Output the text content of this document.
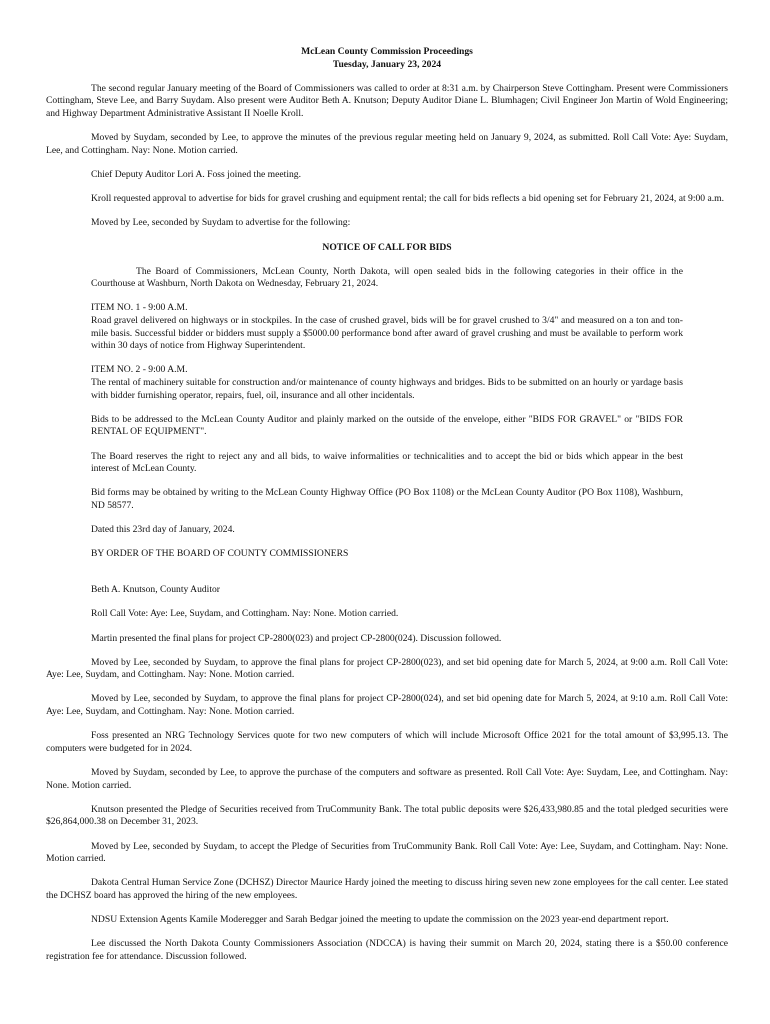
McLean County Commission Proceedings
Tuesday, January 23, 2024

The second regular January meeting of the Board of Commissioners was called to order at 8:31 a.m. by Chairperson Steve Cottingham. Present were Commissioners Cottingham, Steve Lee, and Barry Suydam. Also present were Auditor Beth A. Knutson; Deputy Auditor Diane L. Blumhagen; Civil Engineer Jon Martin of Wold Engineering; and Highway Department Administrative Assistant II Noelle Kroll.

Moved by Suydam, seconded by Lee, to approve the minutes of the previous regular meeting held on January 9, 2024, as submitted. Roll Call Vote: Aye: Suydam, Lee, and Cottingham. Nay: None. Motion carried.

Chief Deputy Auditor Lori A. Foss joined the meeting.

Kroll requested approval to advertise for bids for gravel crushing and equipment rental; the call for bids reflects a bid opening set for February 21, 2024, at 9:00 a.m.

Moved by Lee, seconded by Suydam to advertise for the following:

NOTICE OF CALL FOR BIDS

The Board of Commissioners, McLean County, North Dakota, will open sealed bids in the following categories in their office in the Courthouse at Washburn, North Dakota on Wednesday, February 21, 2024.

ITEM NO. 1 - 9:00 A.M.

Road gravel delivered on highways or in stockpiles. In the case of crushed gravel, bids will be for gravel crushed to 3/4" and measured on a ton and ton-mile basis. Successful bidder or bidders must supply a $5000.00 performance bond after award of gravel crushing and must be available to perform work within 30 days of notice from Highway Superintendent.

ITEM NO. 2 - 9:00 A.M.

The rental of machinery suitable for construction and/or maintenance of county highways and bridges. Bids to be submitted on an hourly or yardage basis with bidder furnishing operator, repairs, fuel, oil, insurance and all other incidentals.

Bids to be addressed to the McLean County Auditor and plainly marked on the outside of the envelope, either "BIDS FOR GRAVEL" or "BIDS FOR RENTAL OF EQUIPMENT".

The Board reserves the right to reject any and all bids, to waive informalities or technicalities and to accept the bid or bids which appear in the best interest of McLean County.

Bid forms may be obtained by writing to the McLean County Highway Office (PO Box 1108) or the McLean County Auditor (PO Box 1108), Washburn, ND 58577.

Dated this 23rd day of January, 2024.

BY ORDER OF THE BOARD OF COUNTY COMMISSIONERS

Beth A. Knutson, County Auditor

Roll Call Vote: Aye: Lee, Suydam, and Cottingham. Nay: None. Motion carried.

Martin presented the final plans for project CP-2800(023) and project CP-2800(024). Discussion followed.

Moved by Lee, seconded by Suydam, to approve the final plans for project CP-2800(023), and set bid opening date for March 5, 2024, at 9:00 a.m. Roll Call Vote: Aye: Lee, Suydam, and Cottingham. Nay: None. Motion carried.

Moved by Lee, seconded by Suydam, to approve the final plans for project CP-2800(024), and set bid opening date for March 5, 2024, at 9:10 a.m. Roll Call Vote: Aye: Lee, Suydam, and Cottingham. Nay: None. Motion carried.

Foss presented an NRG Technology Services quote for two new computers of which will include Microsoft Office 2021 for the total amount of $3,995.13. The computers were budgeted for in 2024.

Moved by Suydam, seconded by Lee, to approve the purchase of the computers and software as presented. Roll Call Vote: Aye: Suydam, Lee, and Cottingham. Nay: None. Motion carried.

Knutson presented the Pledge of Securities received from TruCommunity Bank. The total public deposits were $26,433,980.85 and the total pledged securities were $26,864,000.38 on December 31, 2023.

Moved by Lee, seconded by Suydam, to accept the Pledge of Securities from TruCommunity Bank. Roll Call Vote: Aye: Lee, Suydam, and Cottingham. Nay: None. Motion carried.

Dakota Central Human Service Zone (DCHSZ) Director Maurice Hardy joined the meeting to discuss hiring seven new zone employees for the call center. Lee stated the DCHSZ board has approved the hiring of the new employees.

NDSU Extension Agents Kamile Moderegger and Sarah Bedgar joined the meeting to update the commission on the 2023 year-end department report.

Lee discussed the North Dakota County Commissioners Association (NDCCA) is having their summit on March 20, 2024, stating there is a $50.00 conference registration fee for attendance. Discussion followed.
